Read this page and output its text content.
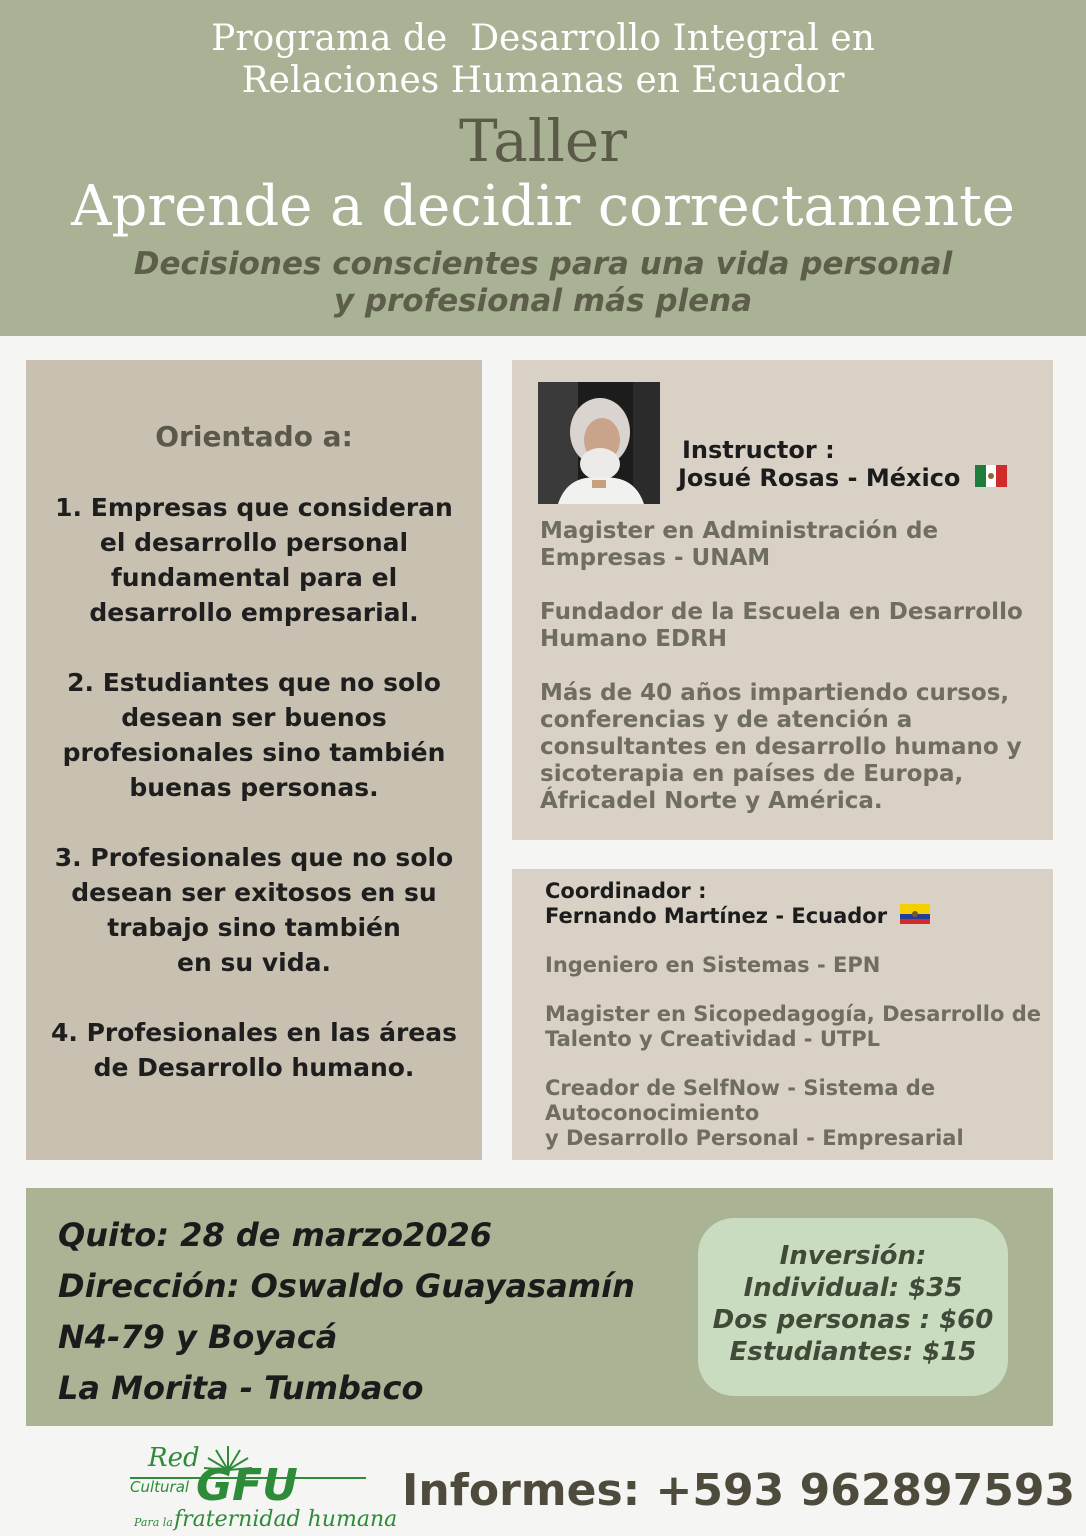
Programa de  Desarrollo Integral en
Relaciones Humanas en Ecuador
Taller
Aprende a decidir correctamente
Decisiones conscientes para una vida personal
y profesional más plena
Orientado a:

1. Empresas que consideran
el desarrollo personal
fundamental para el
desarrollo empresarial.

2. Estudiantes que no solo
desean ser buenos
profesionales sino también
buenas personas.

3. Profesionales que no solo
desean ser exitosos en su
trabajo sino también
en su vida.

4. Profesionales en las áreas
de Desarrollo humano.

Instructor :
Josué Rosas - México

Magister en Administración de Empresas - UNAM

Fundador de la Escuela en Desarrollo Humano EDRH

Más de 40 años impartiendo cursos, conferencias y de atención a consultantes en desarrollo humano y sicoterapia en países de Europa, Áfricadel Norte y América.

Coordinador :
Fernando Martínez - Ecuador

Ingeniero en Sistemas - EPN

Magister en Sicopedagogía, Desarrollo de Talento y Creatividad - UTPL

Creador de SelfNow - Sistema de Autoconocimiento

y Desarrollo Personal - Empresarial

Quito: 28 de marzo2026
Dirección: Oswaldo Guayasamín
N4-79 y Boyacá
La Morita - Tumbaco
Inversión:
Individual: $35
Dos personas : $60
Estudiantes: $15
Red
Cultural GFU
Para la fraternidad humana
Informes: +593 962897593
